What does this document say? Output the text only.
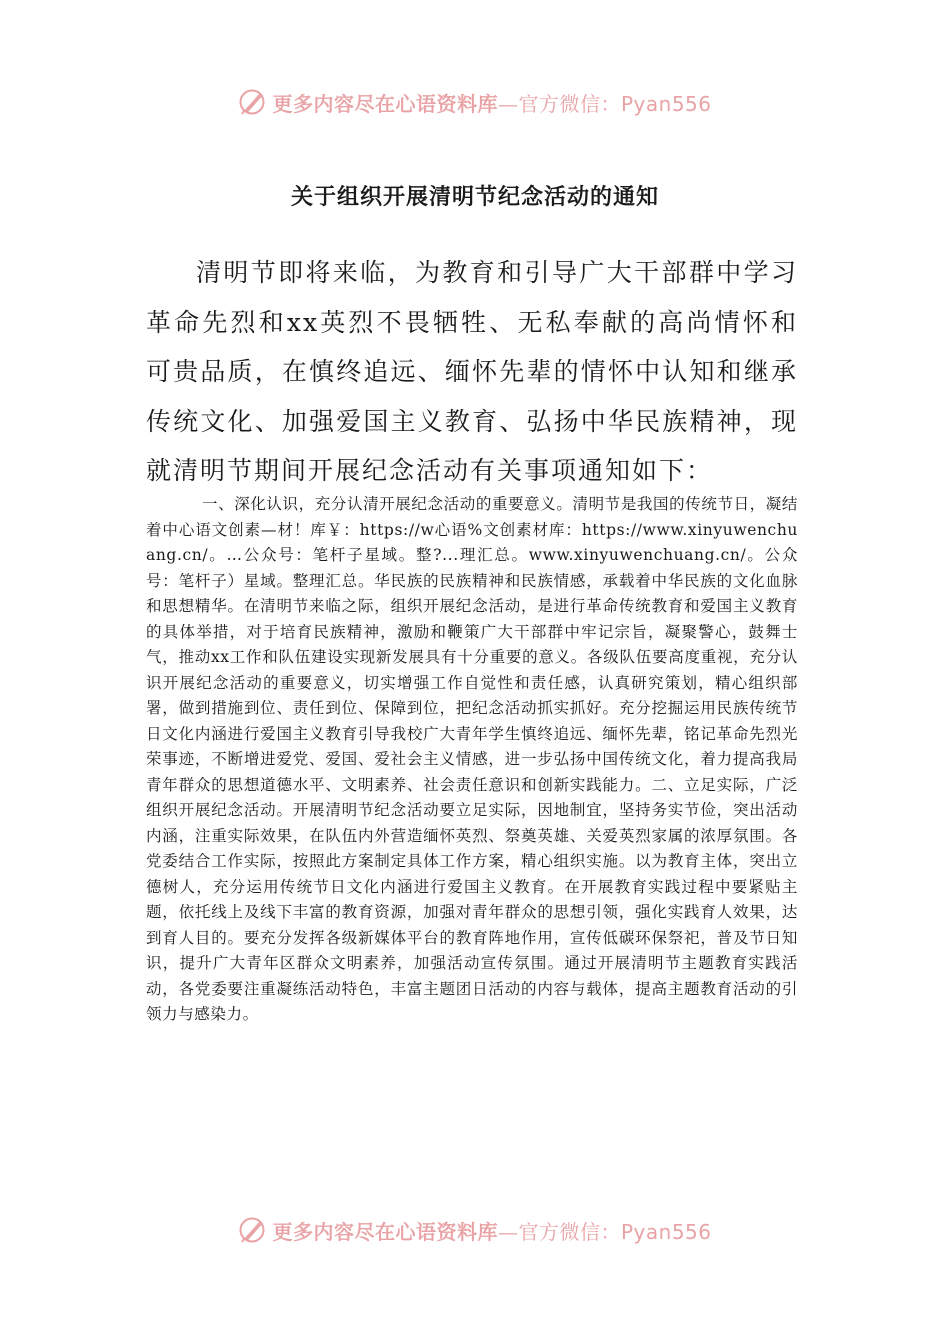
更多内容尽在心语资料库—官方微信：Pyan556
关于组织开展清明节纪念活动的通知

清明节即将来临，为教育和引导广大干部群中学习革命先烈和xx英烈不畏牺牲、无私奉献的高尚情怀和可贵品质，在慎终追远、缅怀先辈的情怀中认知和继承传统文化、加强爱国主义教育、弘扬中华民族精神，现就清明节期间开展纪念活动有关事项通知如下：

一、深化认识，充分认清开展纪念活动的重要意义。清明节是我国的传统节日，凝结着中心语文创素—材！库￥：https://w心语%文创素材库：https://www.xinyuwenchuang.cn/。…公众号：笔杆子星域。整?...理汇总。www.xinyuwenchuang.cn/。公众号：笔杆子）星域。整理汇总。华民族的民族精神和民族情感，承载着中华民族的文化血脉和思想精华。在清明节来临之际，组织开展纪念活动，是进行革命传统教育和爱国主义教育的具体举措，对于培育民族精神，激励和鞭策广大干部群中牢记宗旨，凝聚警心，鼓舞士气，推动xx工作和队伍建设实现新发展具有十分重要的意义。各级队伍要高度重视，充分认识开展纪念活动的重要意义，切实增强工作自觉性和责任感，认真研究策划，精心组织部署，做到措施到位、责任到位、保障到位，把纪念活动抓实抓好。充分挖掘运用民族传统节日文化内涵进行爱国主义教育引导我校广大青年学生慎终追远、缅怀先辈，铭记革命先烈光荣事迹，不断增进爱党、爱国、爱社会主义情感，进一步弘扬中国传统文化，着力提高我局青年群众的思想道德水平、文明素养、社会责任意识和创新实践能力。二、立足实际，广泛组织开展纪念活动。开展清明节纪念活动要立足实际，因地制宜，坚持务实节俭，突出活动内涵，注重实际效果，在队伍内外营造缅怀英烈、祭奠英雄、关爱英烈家属的浓厚氛围。各党委结合工作实际，按照此方案制定具体工作方案，精心组织实施。以为教育主体，突出立德树人，充分运用传统节日文化内涵进行爱国主义教育。在开展教育实践过程中要紧贴主题，依托线上及线下丰富的教育资源，加强对青年群众的思想引领，强化实践育人效果，达到育人目的。要充分发挥各级新媒体平台的教育阵地作用，宣传低碳环保祭祀，普及节日知识，提升广大青年区群众文明素养，加强活动宣传氛围。通过开展清明节主题教育实践活动，各党委要注重凝练活动特色，丰富主题团日活动的内容与载体，提高主题教育活动的引领力与感染力。

更多内容尽在心语资料库—官方微信：Pyan556
